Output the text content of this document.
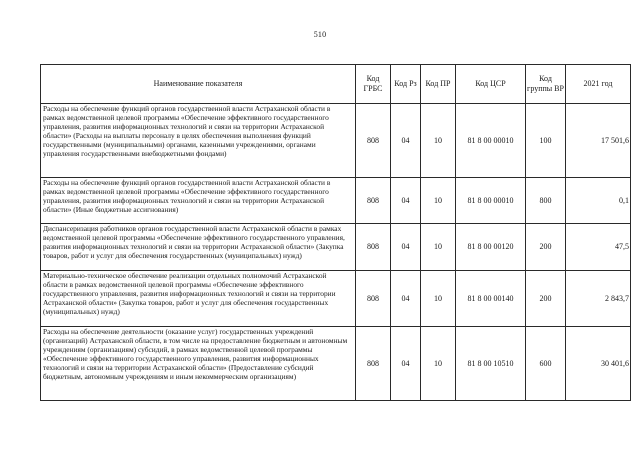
510
Наименование показателя	Код ГРБС	Код Рз	Код ПР	Код ЦСР	Код группы ВР	2021 год
Расходы на обеспечение функций органов государственной власти Астраханской области в рамках ведомственной целевой программы «Обеспечение эффективного государственного управления, развития информационных технологий и связи на территории Астраханской области» (Расходы на выплаты персоналу в целях обеспечения выполнения функций государственными (муниципальными) органами, казенными учреждениями, органами управления государственными внебюджетными фондами)	808	04	10	81 8 00 00010	100	17 501,6
Расходы на обеспечение функций органов государственной власти Астраханской области в рамках ведомственной целевой программы «Обеспечение эффективного государственного управления, развития информационных технологий и связи на территории Астраханской области» (Иные бюджетные ассигнования)	808	04	10	81 8 00 00010	800	0,1
Диспансеризация работников органов государственной власти Астраханской области в рамках ведомственной целевой программы «Обеспечение эффективного государственного управления, развития информационных технологий и связи на территории Астраханской области» (Закупка товаров, работ и услуг для обеспечения государственных (муниципальных) нужд)	808	04	10	81 8 00 00120	200	47,5
Материально-техническое обеспечение реализации отдельных полномочий Астраханской области в рамках ведомственной целевой программы «Обеспечение эффективного государственного управления, развития информационных технологий и связи на территории Астраханской области» (Закупка товаров, работ и услуг для обеспечения государственных (муниципальных) нужд)	808	04	10	81 8 00 00140	200	2 843,7
Расходы на обеспечение деятельности (оказание услуг) государственных учреждений (организаций) Астраханской области, в том числе на предоставление бюджетным и автономным учреждениям (организациям) субсидий, в рамках ведомственной целевой программы «Обеспечение эффективного государственного управления, развития информационных технологий и связи на территории Астраханской области» (Предоставление субсидий бюджетным, автономным учреждениям и иным некоммерческим организациям)	808	04	10	81 8 00 10510	600	30 401,6
